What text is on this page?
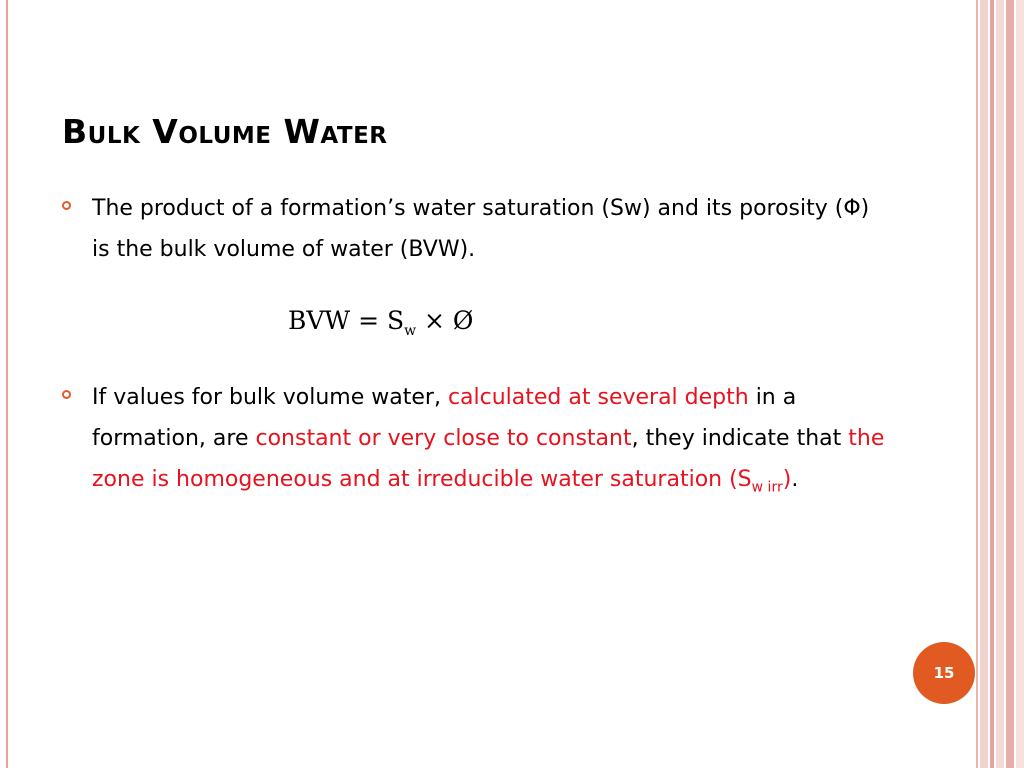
Bulk Volume Water
The product of a formation’s water saturation (Sw) and its porosity (Φ) is the bulk volume of water (BVW).
BVW = $S_w$ × Ø
If values for bulk volume water, calculated at several depth in a formation, are constant or very close to constant, they indicate that the zone is homogeneous and at irreducible water saturation $(S_{w irr})$.
15
